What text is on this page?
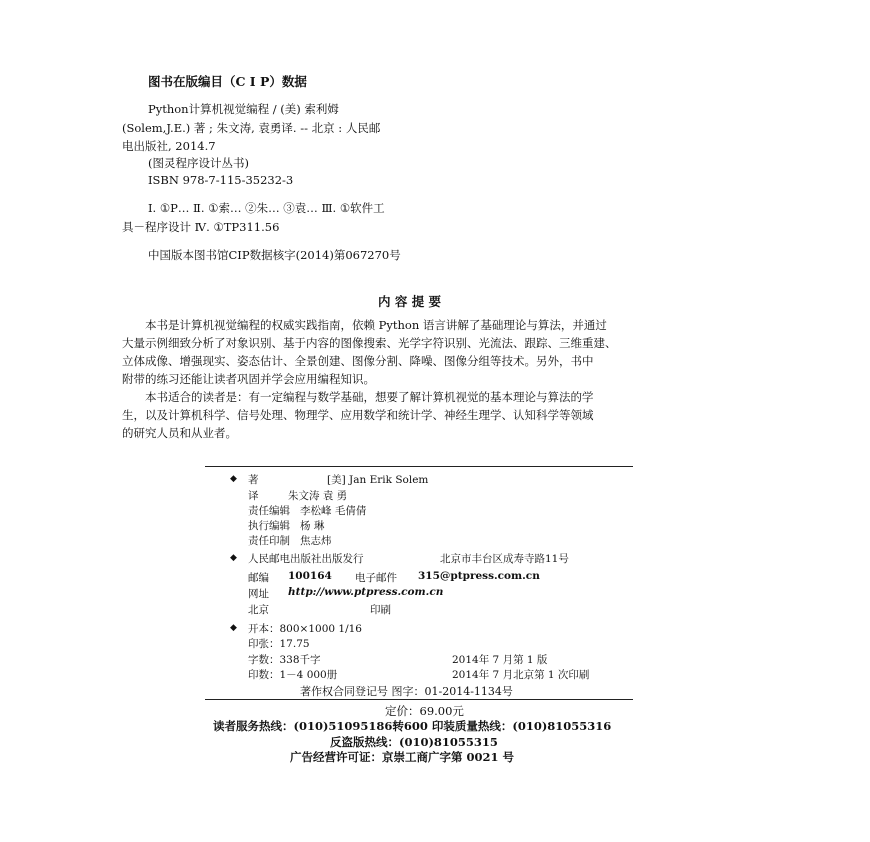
图书在版编目（C I P）数据
Python计算机视觉编程 / (美) 索利姆
(Solem,J.E.) 著 ; 朱文涛, 袁勇译. -- 北京 : 人民邮
电出版社, 2014.7
(图灵程序设计丛书)
ISBN 978-7-115-35232-3
Ⅰ. ①P… Ⅱ. ①索… ②朱… ③袁… Ⅲ. ①软件工
具－程序设计 Ⅳ. ①TP311.56
中国版本图书馆CIP数据核字(2014)第067270号
内 容 提 要
本书是计算机视觉编程的权威实践指南，依赖 Python 语言讲解了基础理论与算法，并通过
大量示例细致分析了对象识别、基于内容的图像搜索、光学字符识别、光流法、跟踪、三维重建、
立体成像、增强现实、姿态估计、全景创建、图像分割、降噪、图像分组等技术。另外，书中
附带的练习还能让读者巩固并学会应用编程知识。
本书适合的读者是：有一定编程与数学基础，想要了解计算机视觉的基本理论与算法的学
生，以及计算机科学、信号处理、物理学、应用数学和统计学、神经生理学、认知科学等领域
的研究人员和从业者。
◆ 著	[美] Jan Erik Solem
译	朱文涛 袁 勇
责任编辑 李松峰 毛倩倩
执行编辑 杨 琳
责任印制 焦志炜
◆ 人民邮电出版社出版发行	北京市丰台区成寿寺路11号
邮编 100164 电子邮件 315@ptpress.com.cn
网址 http://www.ptpress.com.cn
北京	印刷
◆ 开本：800×1000 1/16
印张：17.75
字数：338千字	2014年 7 月第 1 版
印数：1－4 000册	2014年 7 月北京第 1 次印刷
著作权合同登记号 图字：01-2014-1134号
定价：69.00元
读者服务热线：(010)51095186转600 印装质量热线：(010)81055316
反盗版热线：(010)81055315
广告经营许可证：京崇工商广字第 0021 号
